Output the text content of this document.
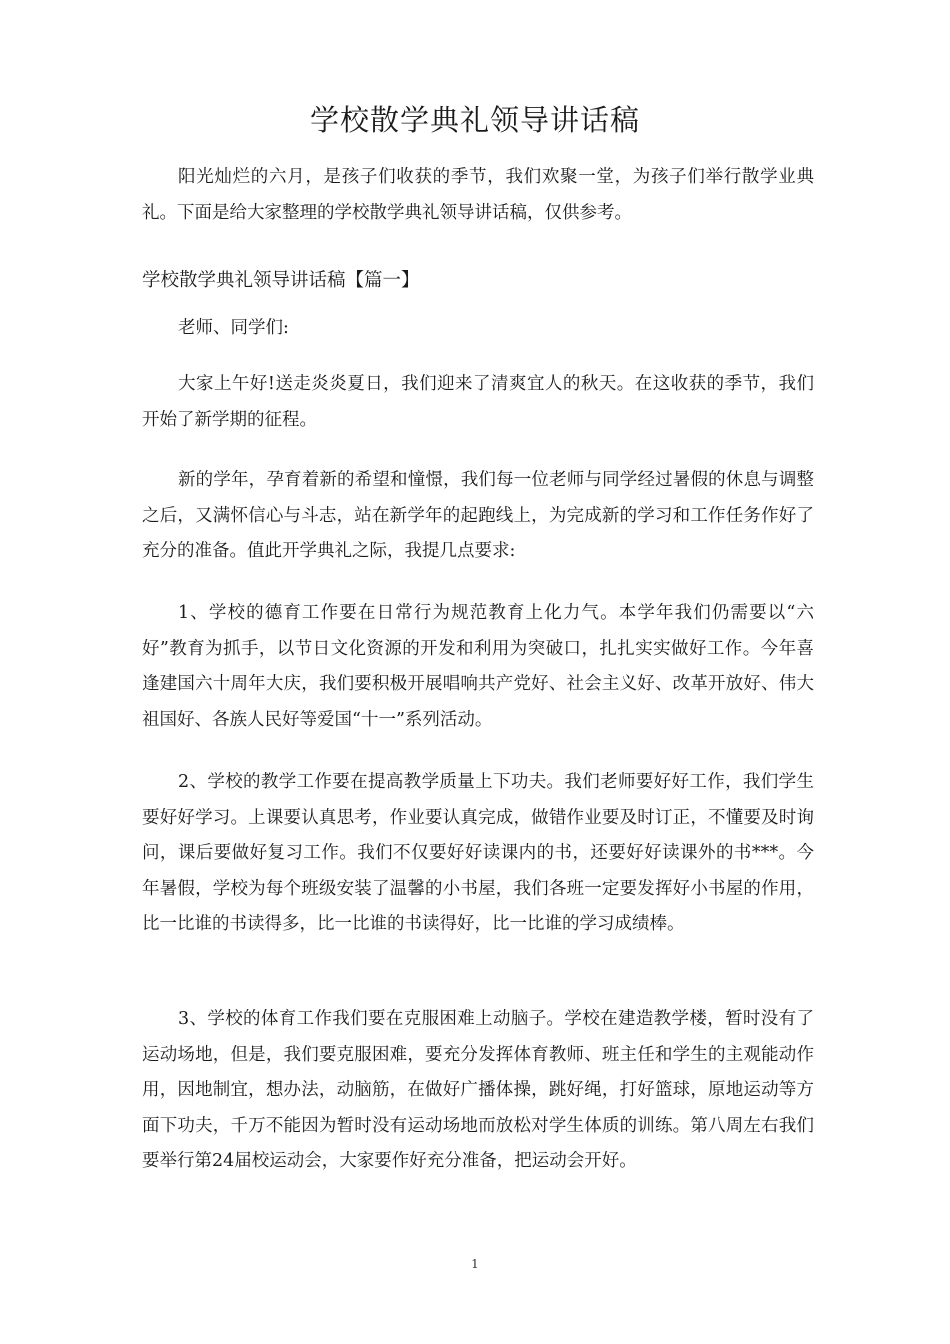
学校散学典礼领导讲话稿

阳光灿烂的六月，是孩子们收获的季节，我们欢聚一堂，为孩子们举行散学业典礼。下面是给大家整理的学校散学典礼领导讲话稿，仅供参考。

学校散学典礼领导讲话稿【篇一】

老师、同学们:

大家上午好!送走炎炎夏日，我们迎来了清爽宜人的秋天。在这收获的季节，我们开始了新学期的征程。

新的学年，孕育着新的希望和憧憬，我们每一位老师与同学经过暑假的休息与调整之后，又满怀信心与斗志，站在新学年的起跑线上，为完成新的学习和工作任务作好了充分的准备。值此开学典礼之际，我提几点要求:

1、学校的德育工作要在日常行为规范教育上化力气。本学年我们仍需要以“六好”教育为抓手，以节日文化资源的开发和利用为突破口，扎扎实实做好工作。今年喜逢建国六十周年大庆，我们要积极开展唱响共产党好、社会主义好、改革开放好、伟大祖国好、各族人民好等爱国“十一”系列活动。

2、学校的教学工作要在提高教学质量上下功夫。我们老师要好好工作，我们学生要好好学习。上课要认真思考，作业要认真完成，做错作业要及时订正，不懂要及时询问，课后要做好复习工作。我们不仅要好好读课内的书，还要好好读课外的书***。今年暑假，学校为每个班级安装了温馨的小书屋，我们各班一定要发挥好小书屋的作用，比一比谁的书读得多，比一比谁的书读得好，比一比谁的学习成绩棒。

3、学校的体育工作我们要在克服困难上动脑子。学校在建造教学楼，暂时没有了运动场地，但是，我们要克服困难，要充分发挥体育教师、班主任和学生的主观能动作用，因地制宜，想办法，动脑筋，在做好广播体操，跳好绳，打好篮球，原地运动等方面下功夫，千万不能因为暂时没有运动场地而放松对学生体质的训练。第八周左右我们要举行第24届校运动会，大家要作好充分准备，把运动会开好。

1
